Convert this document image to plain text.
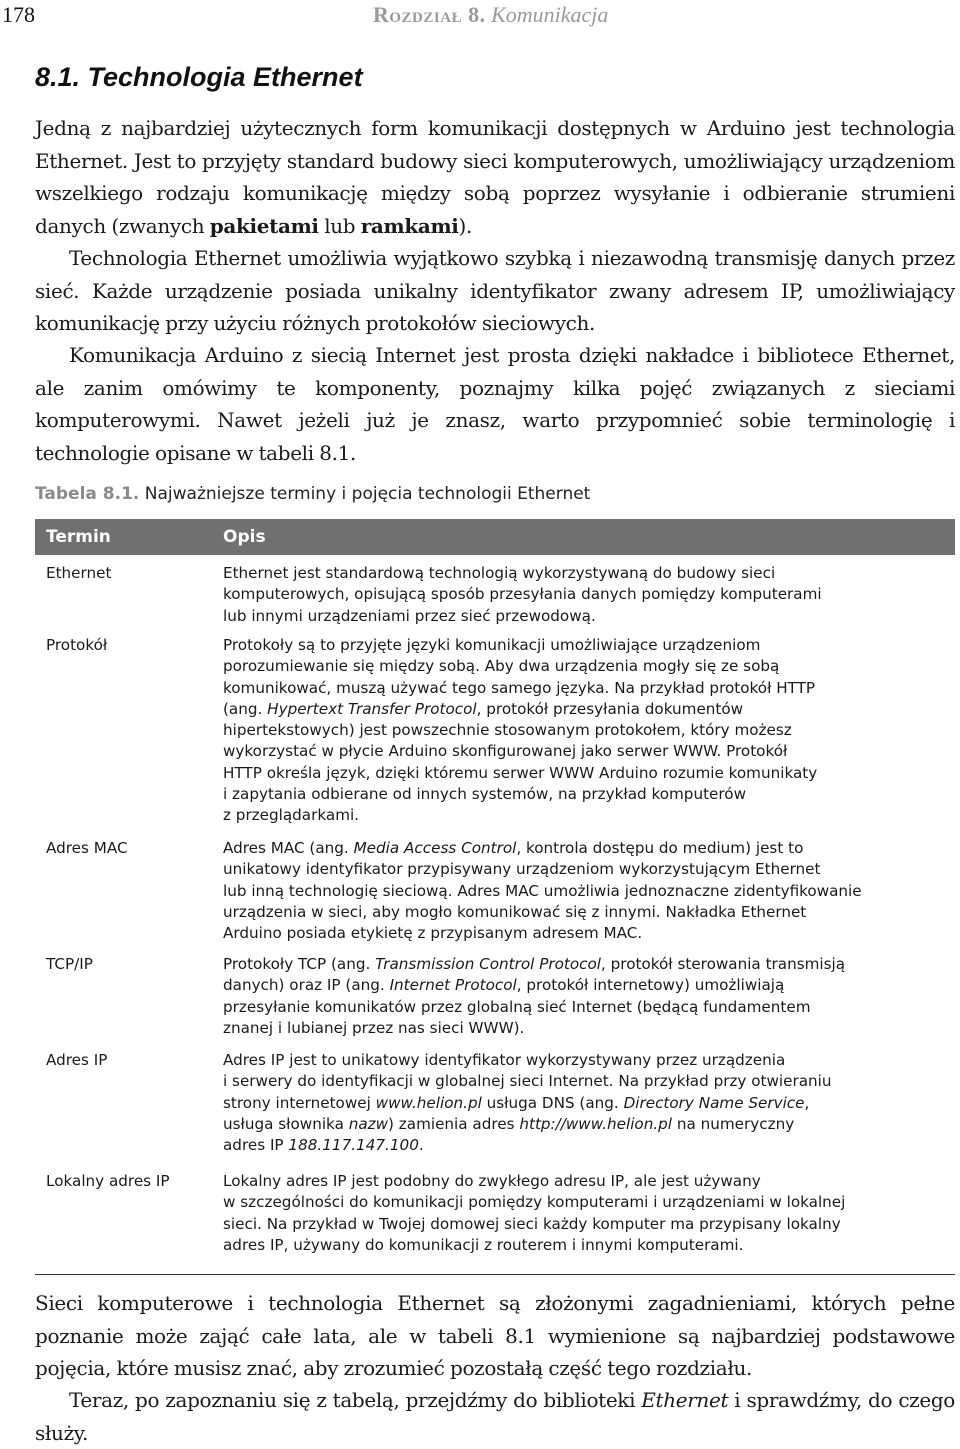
178	Rozdział 8. Komunikacja
8.1. Technologia Ethernet

Jedną z najbardziej użytecznych form komunikacji dostępnych w Arduino jest technologia Ethernet. Jest to przyjęty standard budowy sieci komputerowych, umożliwiający urządzeniom wszelkiego rodzaju komunikację między sobą poprzez wysyłanie i odbieranie strumieni danych (zwanych pakietami lub ramkami).

Technologia Ethernet umożliwia wyjątkowo szybką i niezawodną transmisję danych przez sieć. Każde urządzenie posiada unikalny identyfikator zwany adresem IP, umożliwiający komunikację przy użyciu różnych protokołów sieciowych.

Komunikacja Arduino z siecią Internet jest prosta dzięki nakładce i bibliotece Ethernet, ale zanim omówimy te komponenty, poznajmy kilka pojęć związanych z sieciami komputerowymi. Nawet jeżeli już je znasz, warto przypomnieć sobie terminologię i technologie opisane w tabeli 8.1.

Tabela 8.1. Najważniejsze terminy i pojęcia technologii Ethernet
Termin	Opis
Ethernet	Ethernet jest standardową technologią wykorzystywaną do budowy sieci
komputerowych, opisującą sposób przesyłania danych pomiędzy komputerami
lub innymi urządzeniami przez sieć przewodową.
Protokół	Protokoły są to przyjęte języki komunikacji umożliwiające urządzeniom
porozumiewanie się między sobą. Aby dwa urządzenia mogły się ze sobą
komunikować, muszą używać tego samego języka. Na przykład protokół HTTP
(ang. Hypertext Transfer Protocol, protokół przesyłania dokumentów
hipertekstowych) jest powszechnie stosowanym protokołem, który możesz
wykorzystać w płycie Arduino skonfigurowanej jako serwer WWW. Protokół
HTTP określa język, dzięki któremu serwer WWW Arduino rozumie komunikaty
i zapytania odbierane od innych systemów, na przykład komputerów
z przeglądarkami.
Adres MAC	Adres MAC (ang. Media Access Control, kontrola dostępu do medium) jest to
unikatowy identyfikator przypisywany urządzeniom wykorzystującym Ethernet
lub inną technologię sieciową. Adres MAC umożliwia jednoznaczne zidentyfikowanie
urządzenia w sieci, aby mogło komunikować się z innymi. Nakładka Ethernet
Arduino posiada etykietę z przypisanym adresem MAC.
TCP/IP	Protokoły TCP (ang. Transmission Control Protocol, protokół sterowania transmisją
danych) oraz IP (ang. Internet Protocol, protokół internetowy) umożliwiają
przesyłanie komunikatów przez globalną sieć Internet (będącą fundamentem
znanej i lubianej przez nas sieci WWW).
Adres IP	Adres IP jest to unikatowy identyfikator wykorzystywany przez urządzenia
i serwery do identyfikacji w globalnej sieci Internet. Na przykład przy otwieraniu
strony internetowej www.helion.pl usługa DNS (ang. Directory Name Service,
usługa słownika nazw) zamienia adres http://www.helion.pl na numeryczny
adres IP 188.117.147.100.
Lokalny adres IP	Lokalny adres IP jest podobny do zwykłego adresu IP, ale jest używany
w szczególności do komunikacji pomiędzy komputerami i urządzeniami w lokalnej
sieci. Na przykład w Twojej domowej sieci każdy komputer ma przypisany lokalny
adres IP, używany do komunikacji z routerem i innymi komputerami.

Sieci komputerowe i technologia Ethernet są złożonymi zagadnieniami, których pełne poznanie może zająć całe lata, ale w tabeli 8.1 wymienione są najbardziej podstawowe pojęcia, które musisz znać, aby zrozumieć pozostałą część tego rozdziału.

Teraz, po zapoznaniu się z tabelą, przejdźmy do biblioteki Ethernet i sprawdźmy, do czego służy.
